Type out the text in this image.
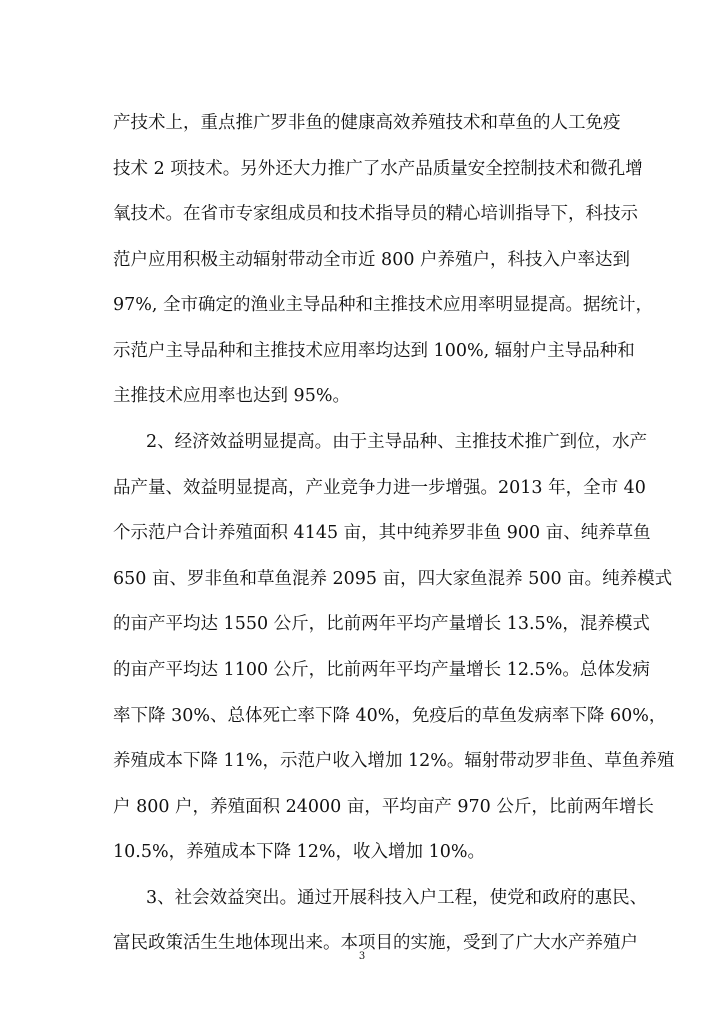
产技术上，重点推广罗非鱼的健康高效养殖技术和草鱼的人工免疫
技术 2 项技术。另外还大力推广了水产品质量安全控制技术和微孔增
氧技术。在省市专家组成员和技术指导员的精心培训指导下，科技示
范户应用积极主动辐射带动全市近 800 户养殖户，科技入户率达到
97%, 全市确定的渔业主导品种和主推技术应用率明显提高。据统计，
示范户主导品种和主推技术应用率均达到 100%, 辐射户主导品种和
主推技术应用率也达到 95%。
2、经济效益明显提高。由于主导品种、主推技术推广到位，水产
品产量、效益明显提高，产业竞争力进一步增强。2013 年，全市 40
个示范户合计养殖面积 4145 亩，其中纯养罗非鱼 900 亩、纯养草鱼
650 亩、罗非鱼和草鱼混养 2095 亩，四大家鱼混养 500 亩。纯养模式
的亩产平均达 1550 公斤，比前两年平均产量增长 13.5%，混养模式
的亩产平均达 1100 公斤，比前两年平均产量增长 12.5%。总体发病
率下降 30%、总体死亡率下降 40%，免疫后的草鱼发病率下降 60%，
养殖成本下降 11%，示范户收入增加 12%。辐射带动罗非鱼、草鱼养殖
户 800 户，养殖面积 24000 亩，平均亩产 970 公斤，比前两年增长
10.5%，养殖成本下降 12%，收入增加 10%。
3、社会效益突出。通过开展科技入户工程，使党和政府的惠民、
富民政策活生生地体现出来。本项目的实施，受到了广大水产养殖户
3
